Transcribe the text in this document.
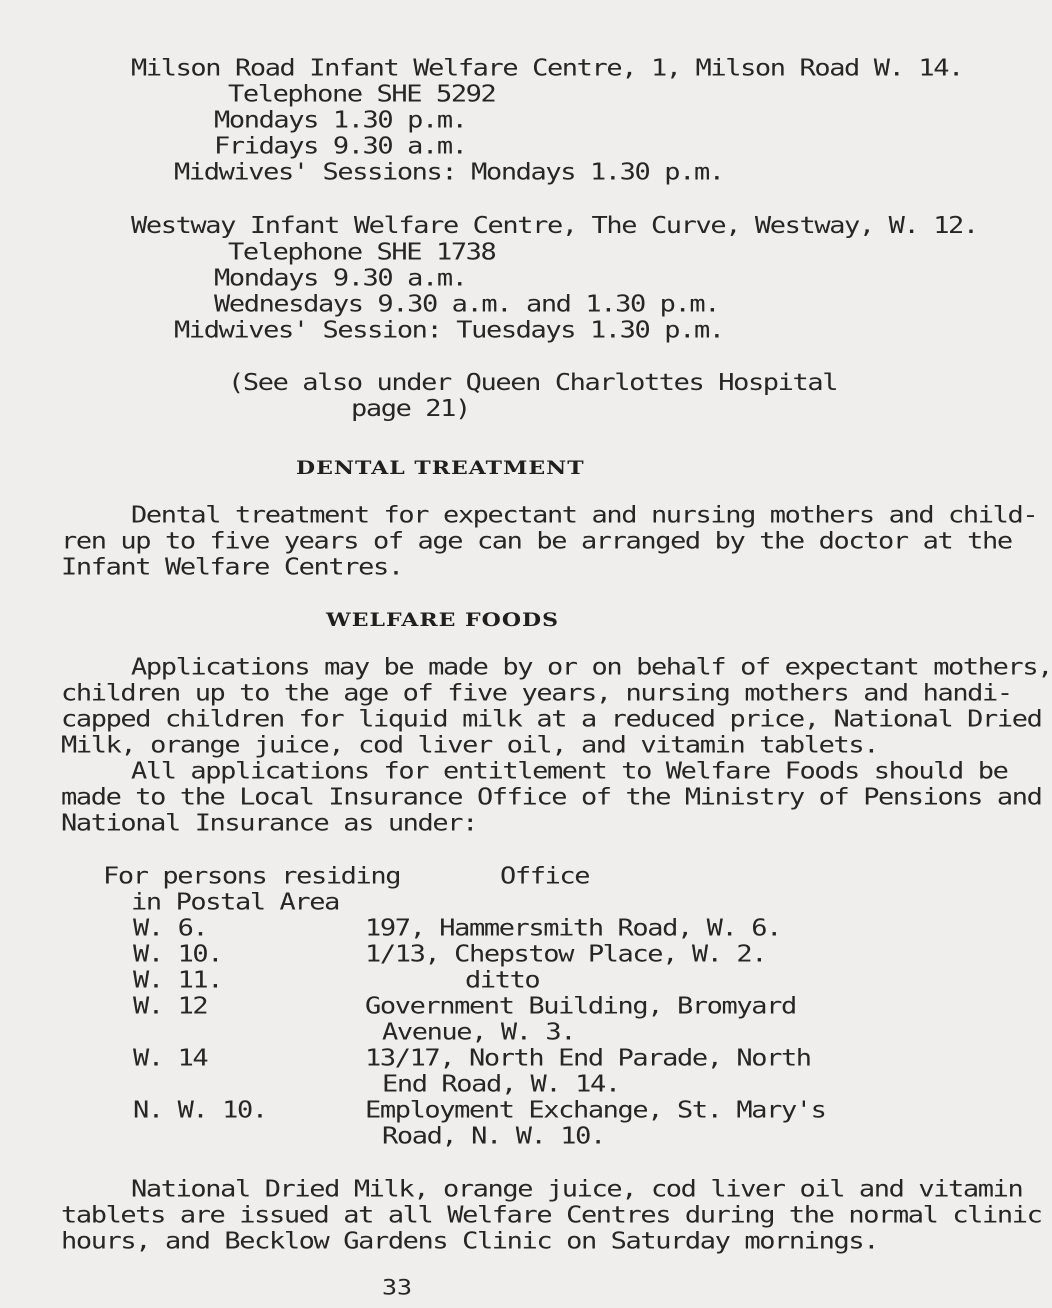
Milson Road Infant Welfare Centre, 1, Milson Road W. 14.
Telephone SHE 5292
Mondays 1.30 p.m.
Fridays 9.30 a.m.
Midwives' Sessions: Mondays 1.30 p.m.
Westway Infant Welfare Centre, The Curve, Westway, W. 12.
Telephone SHE 1738
Mondays 9.30 a.m.
Wednesdays 9.30 a.m. and 1.30 p.m.
Midwives' Session: Tuesdays 1.30 p.m.
(See also under Queen Charlottes Hospital
page 21)
DENTAL TREATMENT
Dental treatment for expectant and nursing mothers and child-
ren up to five years of age can be arranged by the doctor at the
Infant Welfare Centres.
WELFARE FOODS
Applications may be made by or on behalf of expectant mothers,
children up to the age of five years, nursing mothers and handi-
capped children for liquid milk at a reduced price, National Dried
Milk, orange juice, cod liver oil, and vitamin tablets.
All applications for entitlement to Welfare Foods should be
made to the Local Insurance Office of the Ministry of Pensions and
National Insurance as under:
For persons residing	Office
in Postal Area
W. 6.	197, Hammersmith Road, W. 6.
W. 10.	1/13, Chepstow Place, W. 2.
W. 11.	ditto
W. 12	Government Building, Bromyard
Avenue, W. 3.
W. 14	13/17, North End Parade, North
End Road, W. 14.
N. W. 10.	Employment Exchange, St. Mary's
Road, N. W. 10.
National Dried Milk, orange juice, cod liver oil and vitamin
tablets are issued at all Welfare Centres during the normal clinic
hours, and Becklow Gardens Clinic on Saturday mornings.
33
